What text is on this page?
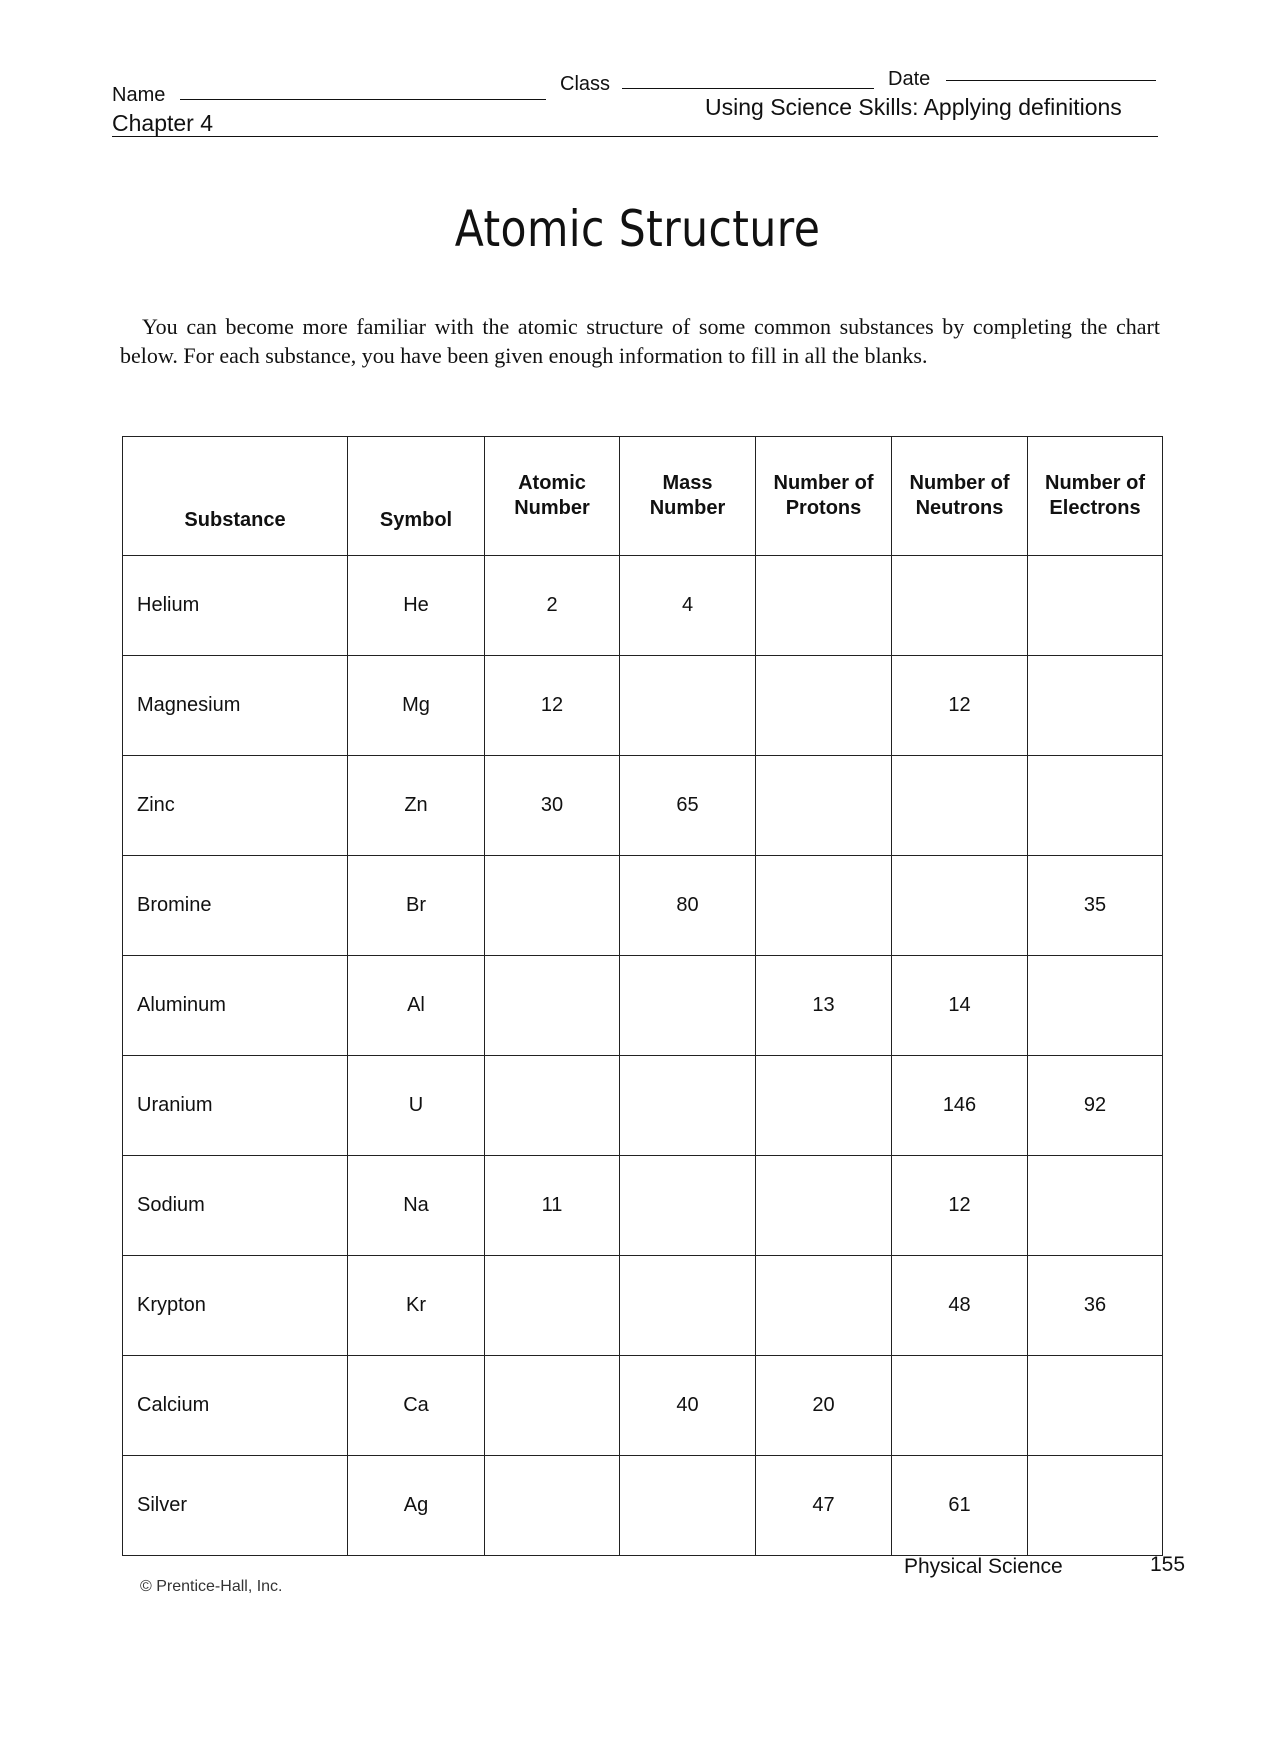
Name	Class	Date
Chapter 4
Using Science Skills: Applying definitions
Atomic Structure

You can become more familiar with the atomic structure of some common substances by completing the chart below. For each substance, you have been given enough information to fill in all the blanks.

Substance	Symbol	Atomic Number	Mass Number	Number of Protons	Number of Neutrons	Number of Electrons
Helium	He	2	4			
Magnesium	Mg	12			12	
Zinc	Zn	30	65			
Bromine	Br		80			35
Aluminum	Al			13	14	
Uranium	U				146	92
Sodium	Na	11			12	
Krypton	Kr				48	36
Calcium	Ca		40	20		
Silver	Ag			47	61	
© Prentice-Hall, Inc.
Physical Science	155
